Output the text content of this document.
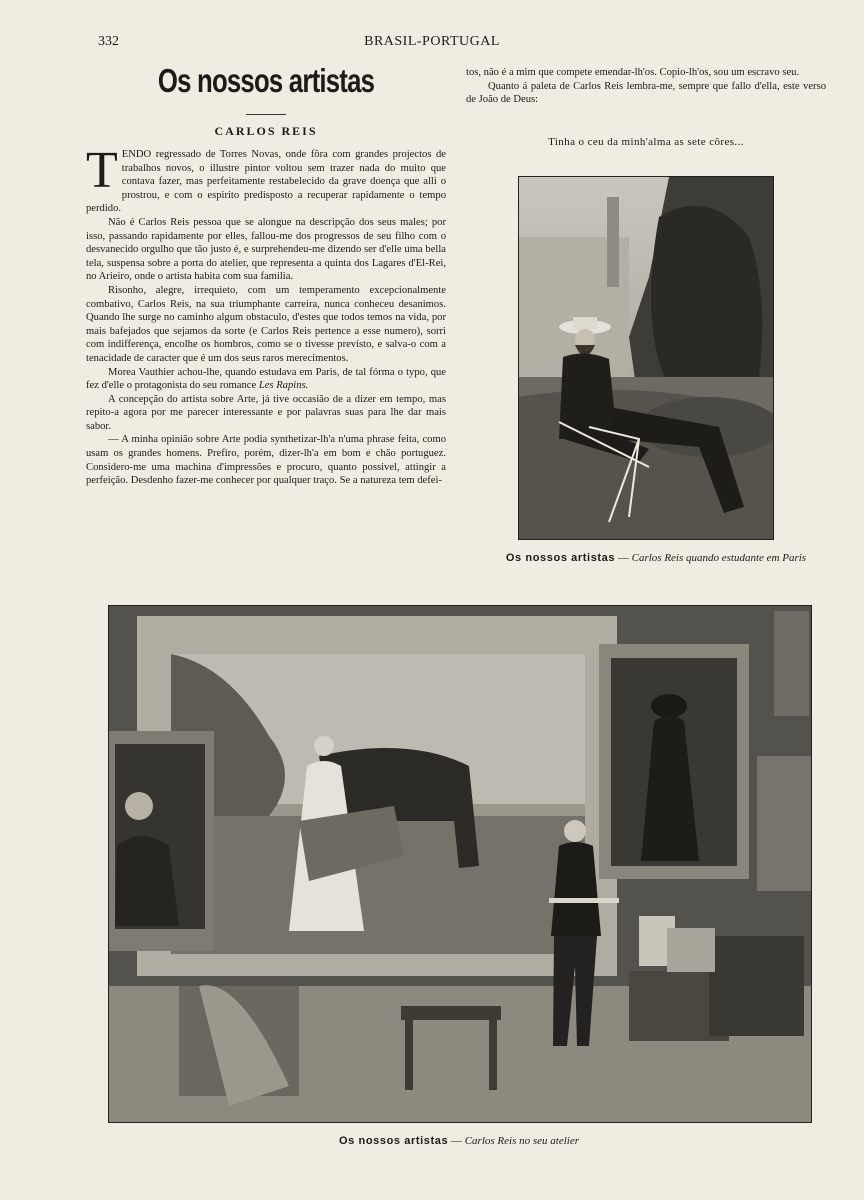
332	BRASIL-PORTUGAL
Os nossos artistas
CARLOS REIS

T ENDO regressado de Torres Novas, onde fôra com grandes projectos de trabalhos novos, o illustre pintor voltou sem trazer nada do muito que contava fazer, mas perfeitamente restabelecido da grave doença que alli o prostrou, e com o espirito predisposto a recuperar rapidamente o tempo perdido.

Não é Carlos Reis pessoa que se alongue na descripção dos seus males; por isso, passando rapidamente por elles, fallou-me dos progressos de seu filho com o desvanecido orgulho que tão justo é, e surprehendeu-me dizendo ser d'elle uma bella tela, suspensa sobre a porta do atelier, que representa a quinta dos Lagares d'El-Rei, no Arieiro, onde o artista habita com sua familia.

Risonho, alegre, irrequieto, com um temperamento excepcionalmente combativo, Carlos Reis, na sua triumphante carreira, nunca conheceu desanimos. Quando lhe surge no caminho algum obstaculo, d'estes que todos temos na vida, por mais bafejados que sejamos da sorte (e Carlos Reis pertence a esse numero), sorri com indifferença, encolhe os hombros, como se o tivesse previsto, e salva-o com a tenacidade de caracter que é um dos seus raros merecimentos.

Morea Vauthier achou-lhe, quando estudava em Paris, de tal fórma o typo, que fez d'elle o protagonista do seu romance Les Rapins.

A concepção do artista sobre Arte, já tive occasião de a dizer em tempo, mas repito-a agora por me parecer interessante e por palavras suas para lhe dar mais sabor.

— A minha opinião sobre Arte podia synthetizar-lh'a n'uma phrase feita, como usam os grandes homens. Prefiro, porém, dizer-lh'a em bom e chão portuguez. Considero-me uma machina d'impressões e procuro, quanto possivel, attingir a perfeição. Desdenho fazer-me conhecer por qualquer traço. Se a natureza tem defei-

tos, não é a mim que compete emendar-lh'os. Copio-lh'os, sou um escravo seu.

Quanto á paleta de Carlos Reis lembra-me, sempre que fallo d'ella, este verso de João de Deus:

Tinha o ceu da minh'alma as sete côres...
Os nossos artistas — Carlos Reis quando estudante em Paris
Os nossos artistas — Carlos Reis no seu atelier
